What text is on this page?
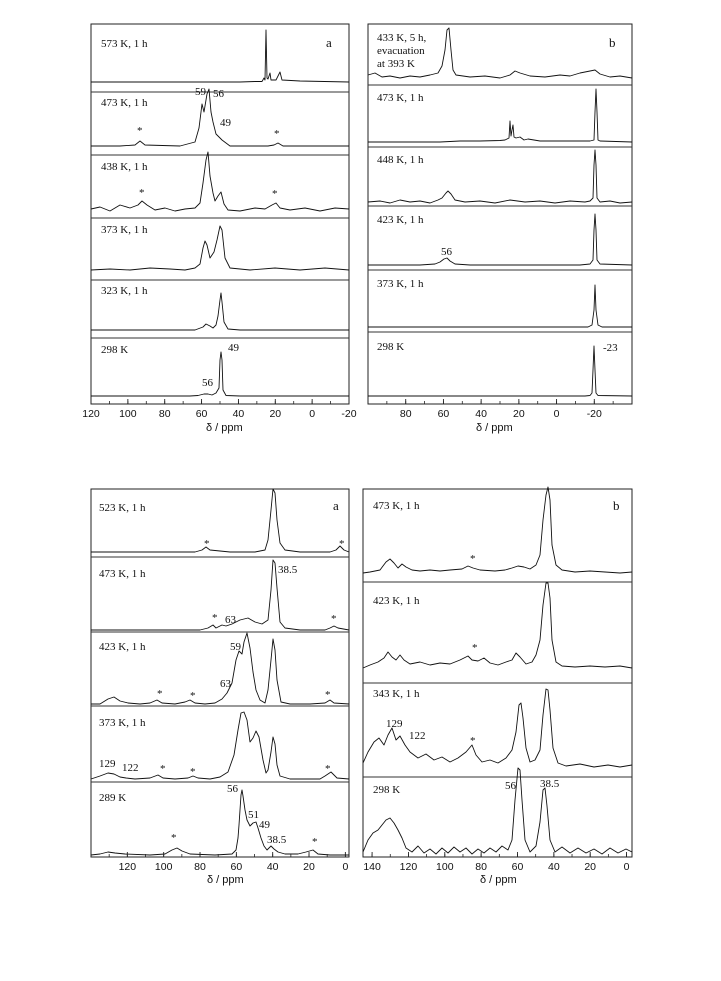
a
573 K, 1 h
473 K, 1 h
438 K, 1 h
373 K, 1 h
323 K, 1 h
298 K
59 56
*
49
*
*	*
49
56
120 100 80 60 40 20	0	-20
δ / ppm
b
433 K, 5 h,
evacuation
at 393 K
473 K, 1 h
448 K, 1 h
423 K, 1 h
373 K, 1 h
298 K
56
-23
80 60 40 20	0	-20
δ / ppm
a
523 K, 1 h
473 K, 1 h
423 K, 1 h
373 K, 1 h
289 K
*	*
38.5
* 63	*
59
63
*	*	*
129 122 * *	*
56
51
49
38.5
*	*
120 100 80 60 40 20	0
δ / ppm
b
473 K, 1 h
423 K, 1 h
343 K, 1 h
298 K
*
*
129
122	*
56 38.5
140 120 100 80 60 40 20	0
δ / ppm
